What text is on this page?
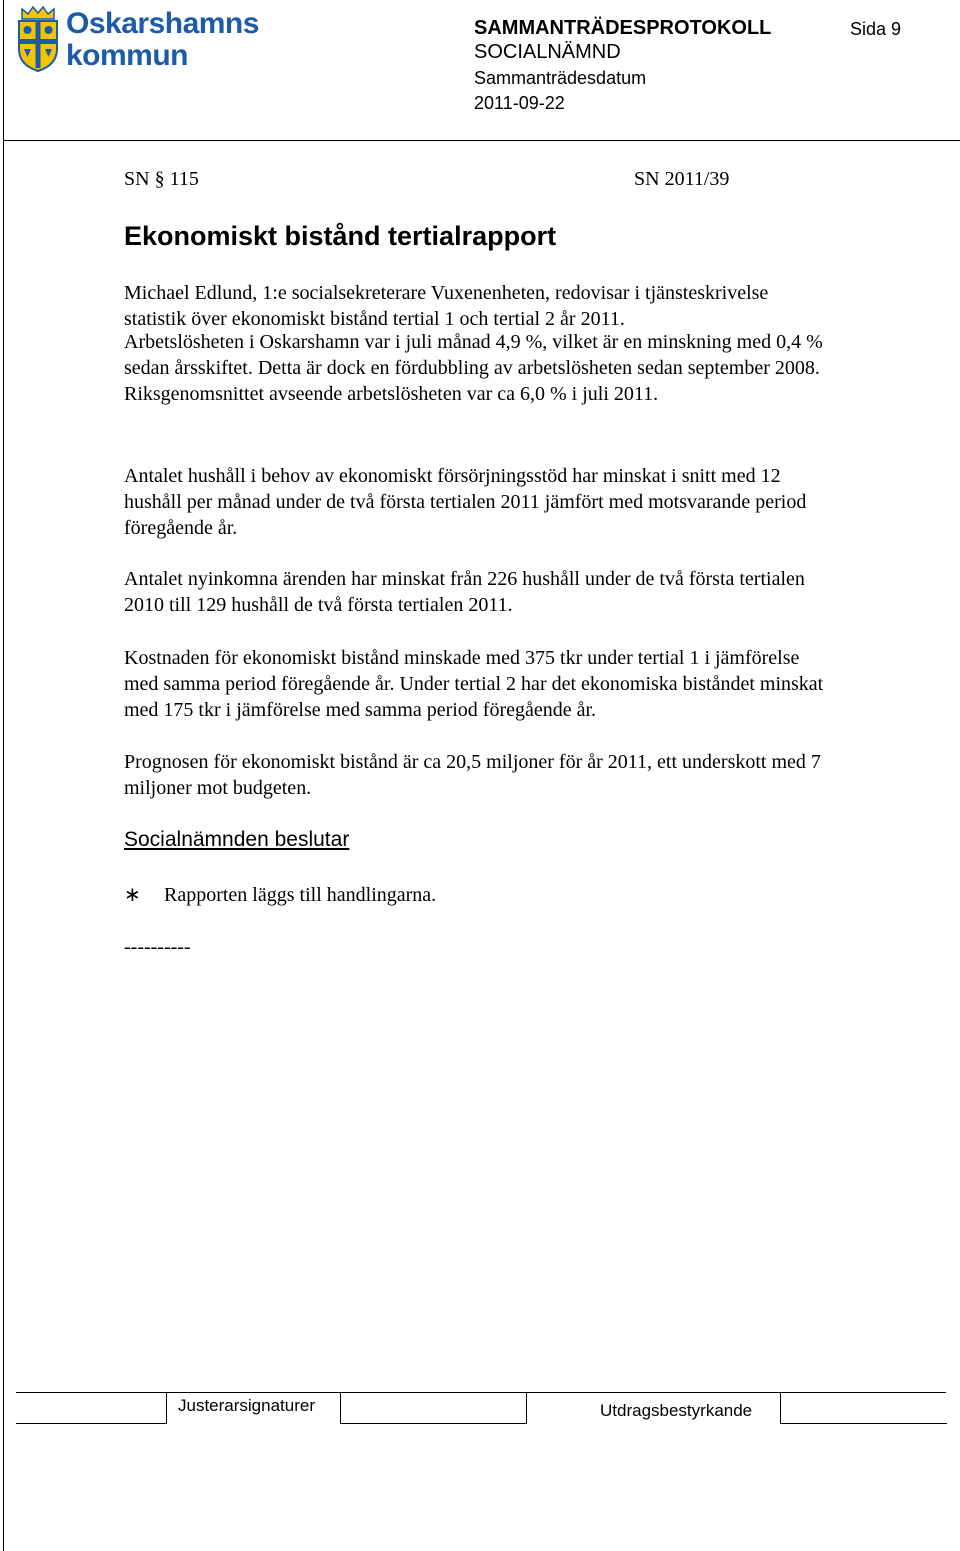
Oskarshamns
kommun
SAMMANTRÄDESPROTOKOLL	Sida 9
SOCIALNÄMND
Sammanträdesdatum
2011-09-22
SN § 115	SN 2011/39
Ekonomiskt bistånd tertialrapport

Michael Edlund, 1:e socialsekreterare Vuxenenheten, redovisar i tjänsteskrivelse

statistik över ekonomiskt bistånd tertial 1 och tertial 2 år 2011.

Arbetslösheten i Oskarshamn var i juli månad 4,9 %, vilket är en minskning med 0,4 %

sedan årsskiftet. Detta är dock en fördubbling av arbetslösheten sedan september 2008.

Riksgenomsnittet avseende arbetslösheten var ca 6,0 % i juli 2011.

Antalet hushåll i behov av ekonomiskt försörjningsstöd har minskat i snitt med 12

hushåll per månad under de två första tertialen 2011 jämfört med motsvarande period

föregående år.

Antalet nyinkomna ärenden har minskat från 226 hushåll under de två första tertialen

2010 till 129 hushåll de två första tertialen 2011.

Kostnaden för ekonomiskt bistånd minskade med 375 tkr under tertial 1 i jämförelse

med samma period föregående år. Under tertial 2 har det ekonomiska biståndet minskat

med 175 tkr i jämförelse med samma period föregående år.

Prognosen för ekonomiskt bistånd är ca 20,5 miljoner för år 2011, ett underskott med 7

miljoner mot budgeten.

Socialnämnden beslutar
∗ Rapporten läggs till handlingarna.
----------
Justerarsignaturer	Utdragsbestyrkande
